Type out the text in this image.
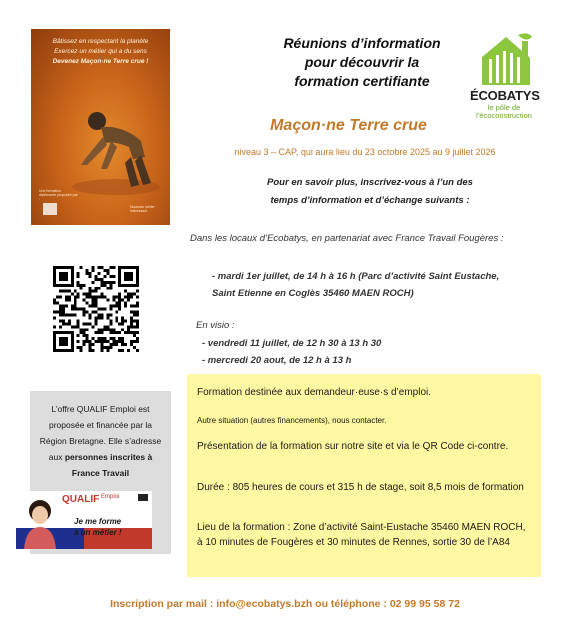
Bâtissez en respectant la planète
Exercez un métier qui a du sens
Devenez Maçon·ne Terre crue !
Une formation diplômante proposée par :
Nouveau métier intéressant
Réunions d’information
pour découvrir la
formation certifiante
ÉCOBATYS
le pôle de
l’écoconstruction
Maçon·ne Terre crue
niveau 3 – CAP, qui aura lieu du 23 octobre 2025 au 9 juillet 2026
Pour en savoir plus, inscrivez-vous à l’un des
temps d’information et d’échange suivants :
Dans les locaux d’Ecobatys, en partenariat avec France Travail Fougères :
- mardi 1er juillet, de 14 h à 16 h (Parc d’activité Saint Eustache,
Saint Etienne en Coglès 35460 MAEN ROCH)
En visio :
- vendredi 11 juillet, de 12 h 30 à 13 h 30
- mercredi 20 aout, de 12 h à 13 h
L’offre QUALIF Emploi est proposée et financée par la Région Bretagne. Elle s’adresse aux personnes inscrites à France Travail
QUALIF Emploi
Je me forme
à un métier !
Formation destinée aux demandeur·euse·s d’emploi.
Autre situation (autres financements), nous contacter.
Présentation de la formation sur notre site et via le QR Code ci-contre.
Durée : 805 heures de cours et 315 h de stage, soit 8,5 mois de formation
Lieu de la formation : Zone d’activité Saint-Eustache 35460 MAEN ROCH, à 10 minutes de Fougères et 30 minutes de Rennes, sortie 30 de l’A84
Inscription par mail : info@ecobatys.bzh ou téléphone : 02 99 95 58 72
